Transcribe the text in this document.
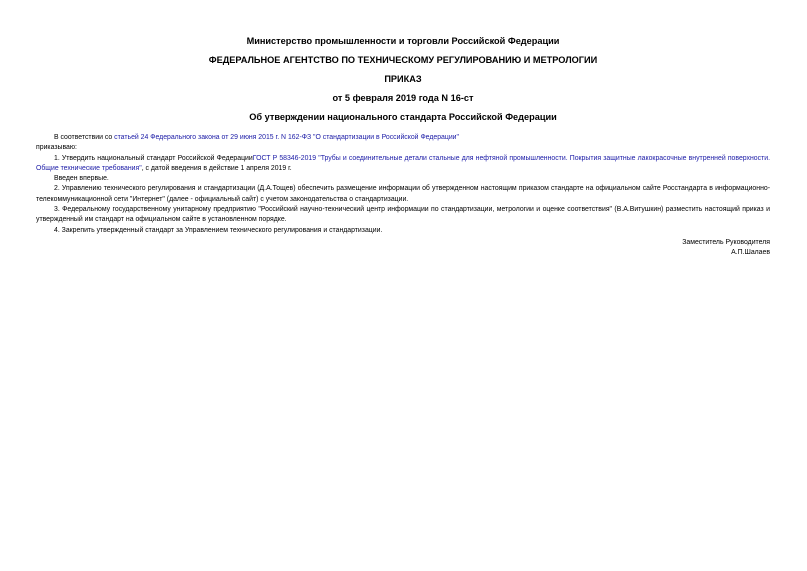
Министерство промышленности и торговли Российской Федерации
ФЕДЕРАЛЬНОЕ АГЕНТСТВО ПО ТЕХНИЧЕСКОМУ РЕГУЛИРОВАНИЮ И МЕТРОЛОГИИ
ПРИКАЗ
от 5 февраля 2019 года N 16-ст
Об утверждении национального стандарта Российской Федерации

В соответствии со статьей 24 Федерального закона от 29 июня 2015 г. N 162-ФЗ "О стандартизации в Российской Федерации"

приказываю:

1. Утвердить национальный стандарт Российской ФедерацииГОСТ Р 58346-2019 "Трубы и соединительные детали стальные для нефтяной промышленности. Покрытия защитные лакокрасочные внутренней поверхности. Общие технические требования", с датой введения в действие 1 апреля 2019 г.

Введен впервые.

2. Управлению технического регулирования и стандартизации (Д.А.Тощев) обеспечить размещение информации об утвержденном настоящим приказом стандарте на официальном сайте Росстандарта в информационно-телекоммуникационной сети "Интернет" (далее - официальный сайт) с учетом законодательства о стандартизации.

3. Федеральному государственному унитарному предприятию "Российский научно-технический центр информации по стандартизации, метрологии и оценке соответствия" (В.А.Витушкин) разместить настоящий приказ и утвержденный им стандарт на официальном сайте в установленном порядке.

4. Закрепить утвержденный стандарт за Управлением технического регулирования и стандартизации.

Заместитель Руководителя
А.П.Шалаев
